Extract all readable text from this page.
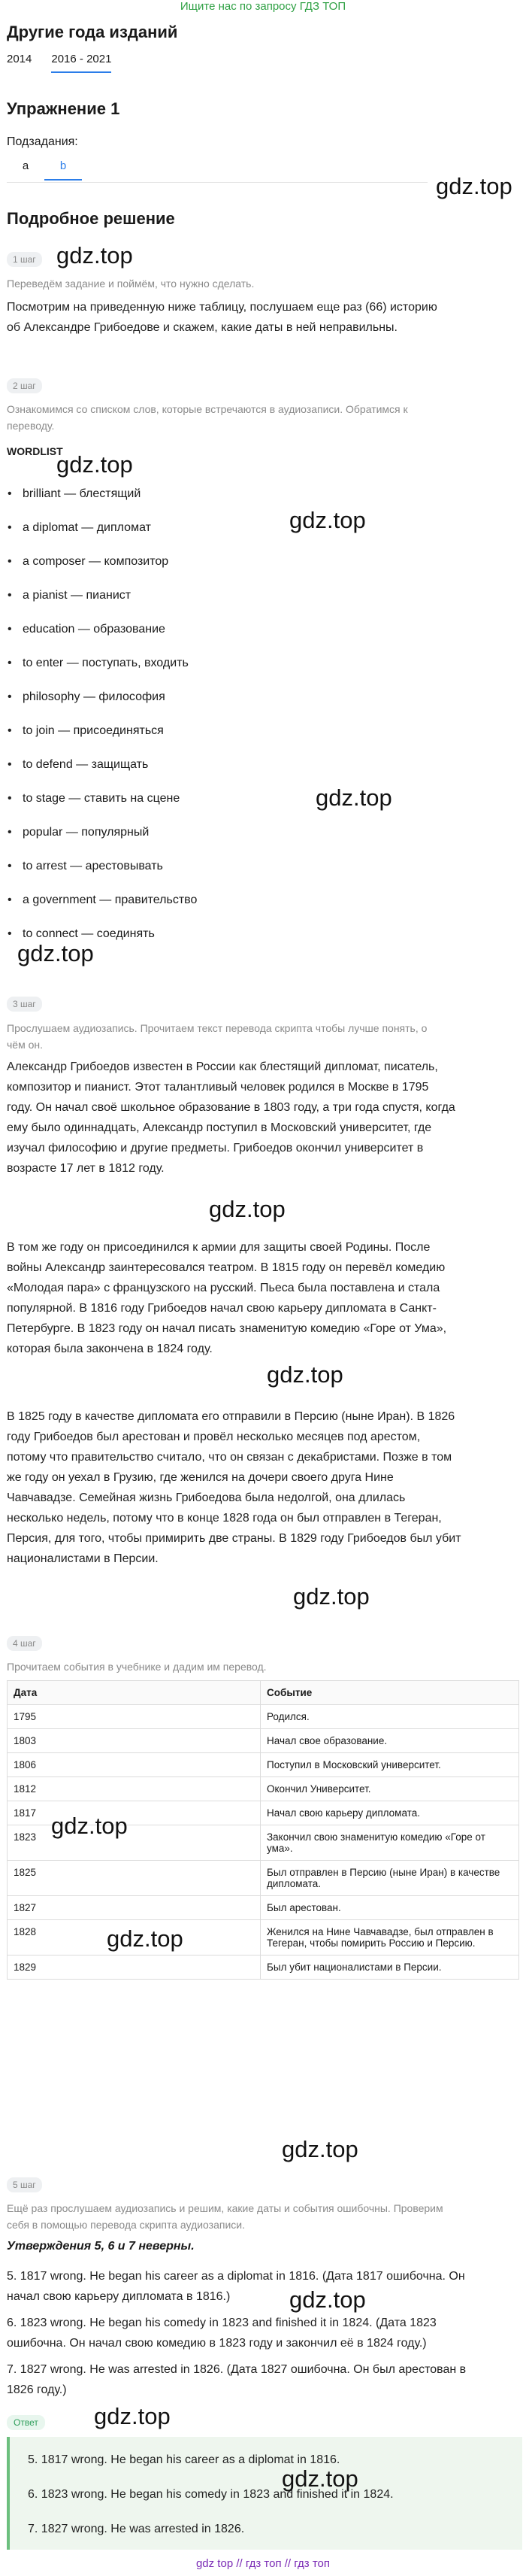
Ищите нас по запросу ГДЗ ТОП
Другие года изданий
2014 2016 - 2021
Упражнение 1
Подзадания:
a	b
gdz.top
Подробное решение
1 шаг gdz.top
Переведём задание и поймём, что нужно сделать.
Посмотрим на приведенную ниже таблицу, послушаем еще раз (66) историю
об Александре Грибоедове и скажем, какие даты в ней неправильны.
2 шаг
Ознакомимся со списком слов, которые встречаются в аудиозаписи. Обратимся к
переводу.
WORDLIST
gdz.top
gdz.top
• brilliant — блестящий
• a diplomat — дипломат
• a composer — композитор
• a pianist — пианист
• education — образование
• to enter — поступать, входить
• philosophy — философия
• to join — присоединяться
• to defend — защищать
• to stage — ставить на сцене
• popular — популярный
• to arrest — арестовывать
• a government — правительство
• to connect — соединять
gdz.top
gdz.top
3 шаг
Прослушаем аудиозапись. Прочитаем текст перевода скрипта чтобы лучше понять, о
чём он.
Александр Грибоедов известен в России как блестящий дипломат, писатель,
композитор и пианист. Этот талантливый человек родился в Москве в 1795
году. Он начал своё школьное образование в 1803 году, а три года спустя, когда
ему было одиннадцать, Александр поступил в Московский университет, где
изучал философию и другие предметы. Грибоедов окончил университет в
возрасте 17 лет в 1812 году.
gdz.top
В том же году он присоединился к армии для защиты своей Родины. После
войны Александр заинтересовался театром. В 1815 году он перевёл комедию
«Молодая пара» с французского на русский. Пьеса была поставлена и стала
популярной. В 1816 году Грибоедов начал свою карьеру дипломата в Санкт-
Петербурге. В 1823 году он начал писать знаменитую комедию «Горе от Ума»,
которая была закончена в 1824 году.
gdz.top
В 1825 году в качестве дипломата его отправили в Персию (ныне Иран). В 1826
году Грибоедов был арестован и провёл несколько месяцев под арестом,
потому что правительство считало, что он связан с декабристами. Позже в том
же году он уехал в Грузию, где женился на дочери своего друга Нине
Чавчавадзе. Семейная жизнь Грибоедова была недолгой, она длилась
несколько недель, потому что в конце 1828 года он был отправлен в Тегеран,
Персия, для того, чтобы примирить две страны. В 1829 году Грибоедов был убит
националистами в Персии.
gdz.top
4 шаг
Прочитаем события в учебнике и дадим им перевод.
Дата	Событие
1795	Родился.
1803	Начал свое образование.
1806	Поступил в Московский университет.
1812	Окончил Университет.
1817	Начал свою карьеру дипломата.
1823	Закончил свою знаменитую комедию «Горе от ума».
1825	Был отправлен в Персию (ныне Иран) в качестве дипломата.
1827	Был арестован.
1828	Женился на Нине Чавчавадзе, был отправлен в Тегеран, чтобы помирить Россию и Персию.
1829	Был убит националистами в Персии.
gdz.top
gdz.top
gdz.top
5 шаг
Ещё раз прослушаем аудиозапись и решим, какие даты и события ошибочны. Проверим
себя в помощью перевода скрипта аудиозаписи.
Утверждения 5, 6 и 7 неверны.
5. 1817 wrong. He began his career as a diplomat in 1816. (Дата 1817 ошибочна. Он
начал свою карьеру дипломата в 1816.)	gdz.top
6. 1823 wrong. He began his comedy in 1823 and finished it in 1824. (Дата 1823
ошибочна. Он начал свою комедию в 1823 году и закончил её в 1824 году.)
7. 1827 wrong. He was arrested in 1826. (Дата 1827 ошибочна. Он был арестован в
1826 году.)
gdz.top
Ответ
5. 1817 wrong. He began his career as a diplomat in 1816.
6. 1823 wrong. He began his comedy in 1823 and finished it in 1824.
7. 1827 wrong. He was arrested in 1826.
gdz.top
gdz top // гдз топ // гдз топ
